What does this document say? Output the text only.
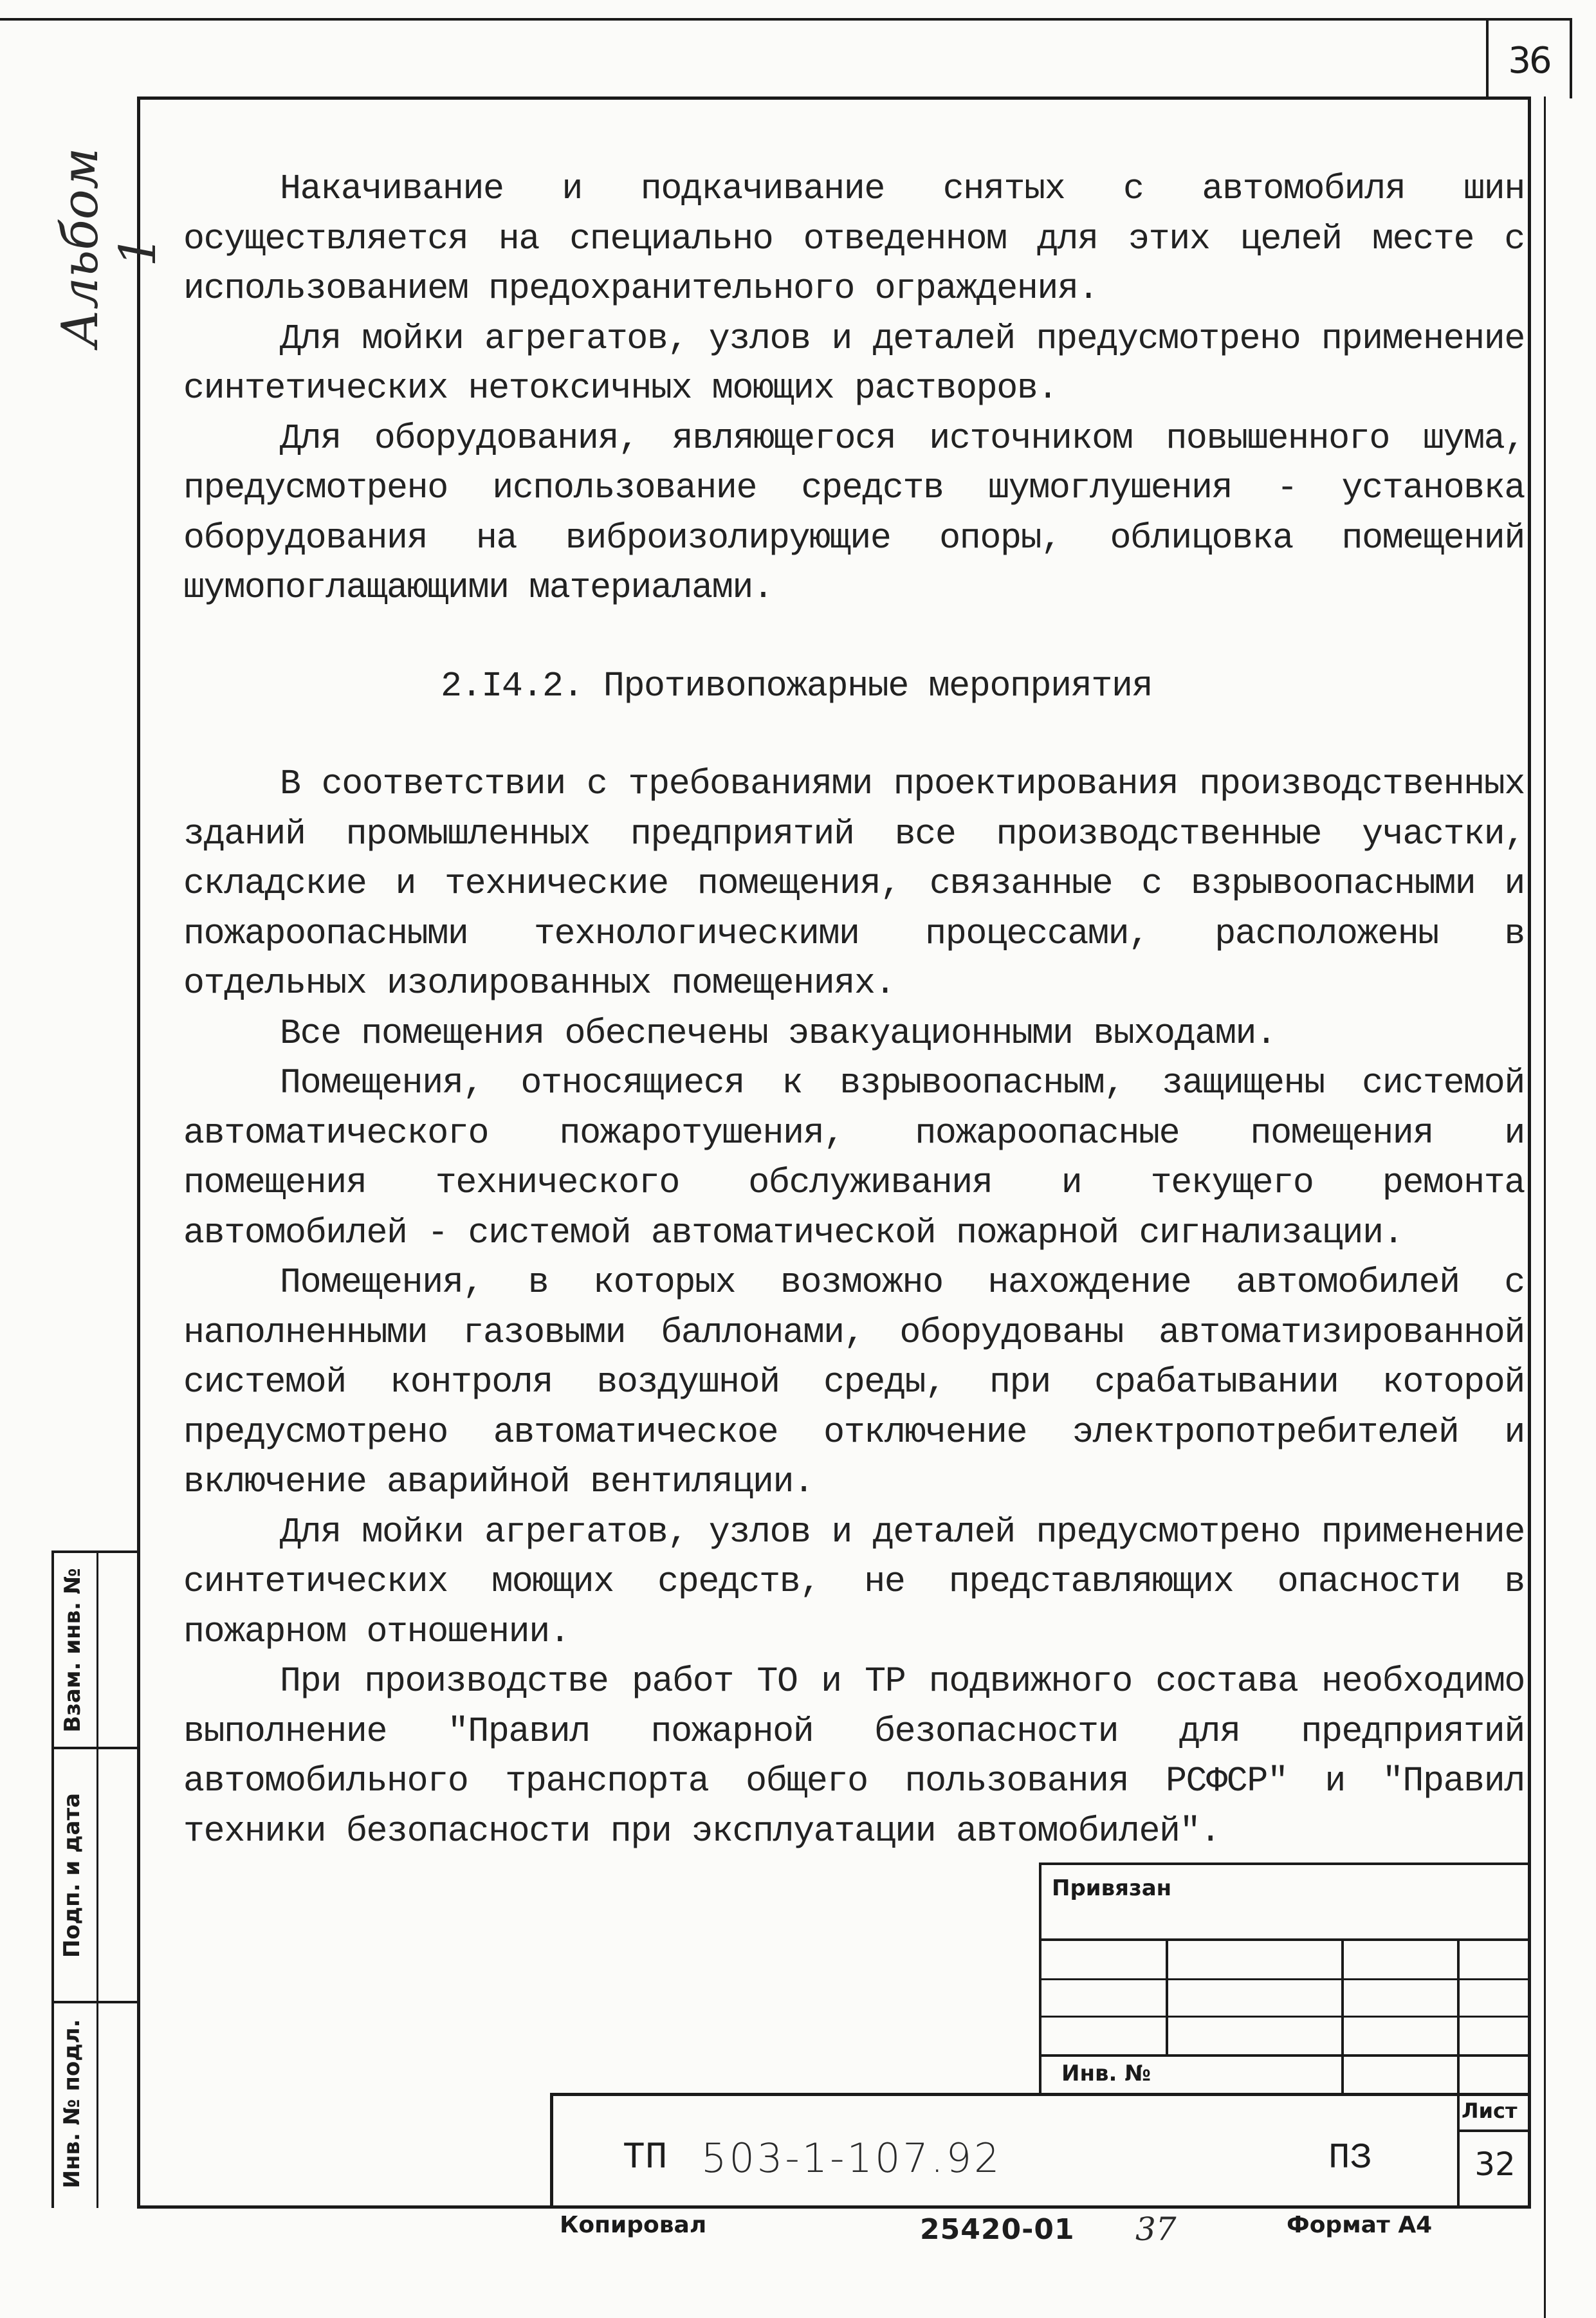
36
Альбом 1
Взам. инв. №
Подп. и дата
Инв. № подл.

Накачивание и подкачивание снятых с автомобиля шин осуществляется на специально отведенном для этих целей месте с использованием предохранительного ограждения.

Для мойки агрегатов, узлов и деталей предусмотрено применение синтетических нетоксичных моющих растворов.

Для оборудования, являющегося источником повышенного шума, предусмотрено использование средств шумоглушения - установка оборудования на виброизолирующие опоры, облицовка помещений шумопоглащающими материалами.

2.I4.2. Противопожарные мероприятия

В соответствии с требованиями проектирования производственных зданий промышленных предприятий все производственные участки, складские и технические помещения, связанные с взрывоопасными и пожароопасными технологическими процессами, расположены в отдельных изолированных помещениях.

Все помещения обеспечены эвакуационными выходами.

Помещения, относящиеся к взрывоопасным, защищены системой автоматического пожаротушения, пожароопасные помещения и помещения технического обслуживания и текущего ремонта автомобилей - системой автоматической пожарной сигнализации.

Помещения, в которых возможно нахождение автомобилей с наполненными газовыми баллонами, оборудованы автоматизированной системой контроля воздушной среды, при срабатывании которой предусмотрено автоматическое отключение электропотребителей и включение аварийной вентиляции.

Для мойки агрегатов, узлов и деталей предусмотрено применение синтетических моющих средств, не представляющих опасности в пожарном отношении.

При производстве работ ТО и ТР подвижного состава необходимо выполнение "Правил пожарной безопасности для предприятий автомобильного транспорта общего пользования РСФСР" и "Правил техники безопасности при эксплуатации автомобилей".

Привязан
Инв. №
Лист
32
ТП 503-1-107.92	ПЗ
Копировал	25420-01 37	Формат А4
